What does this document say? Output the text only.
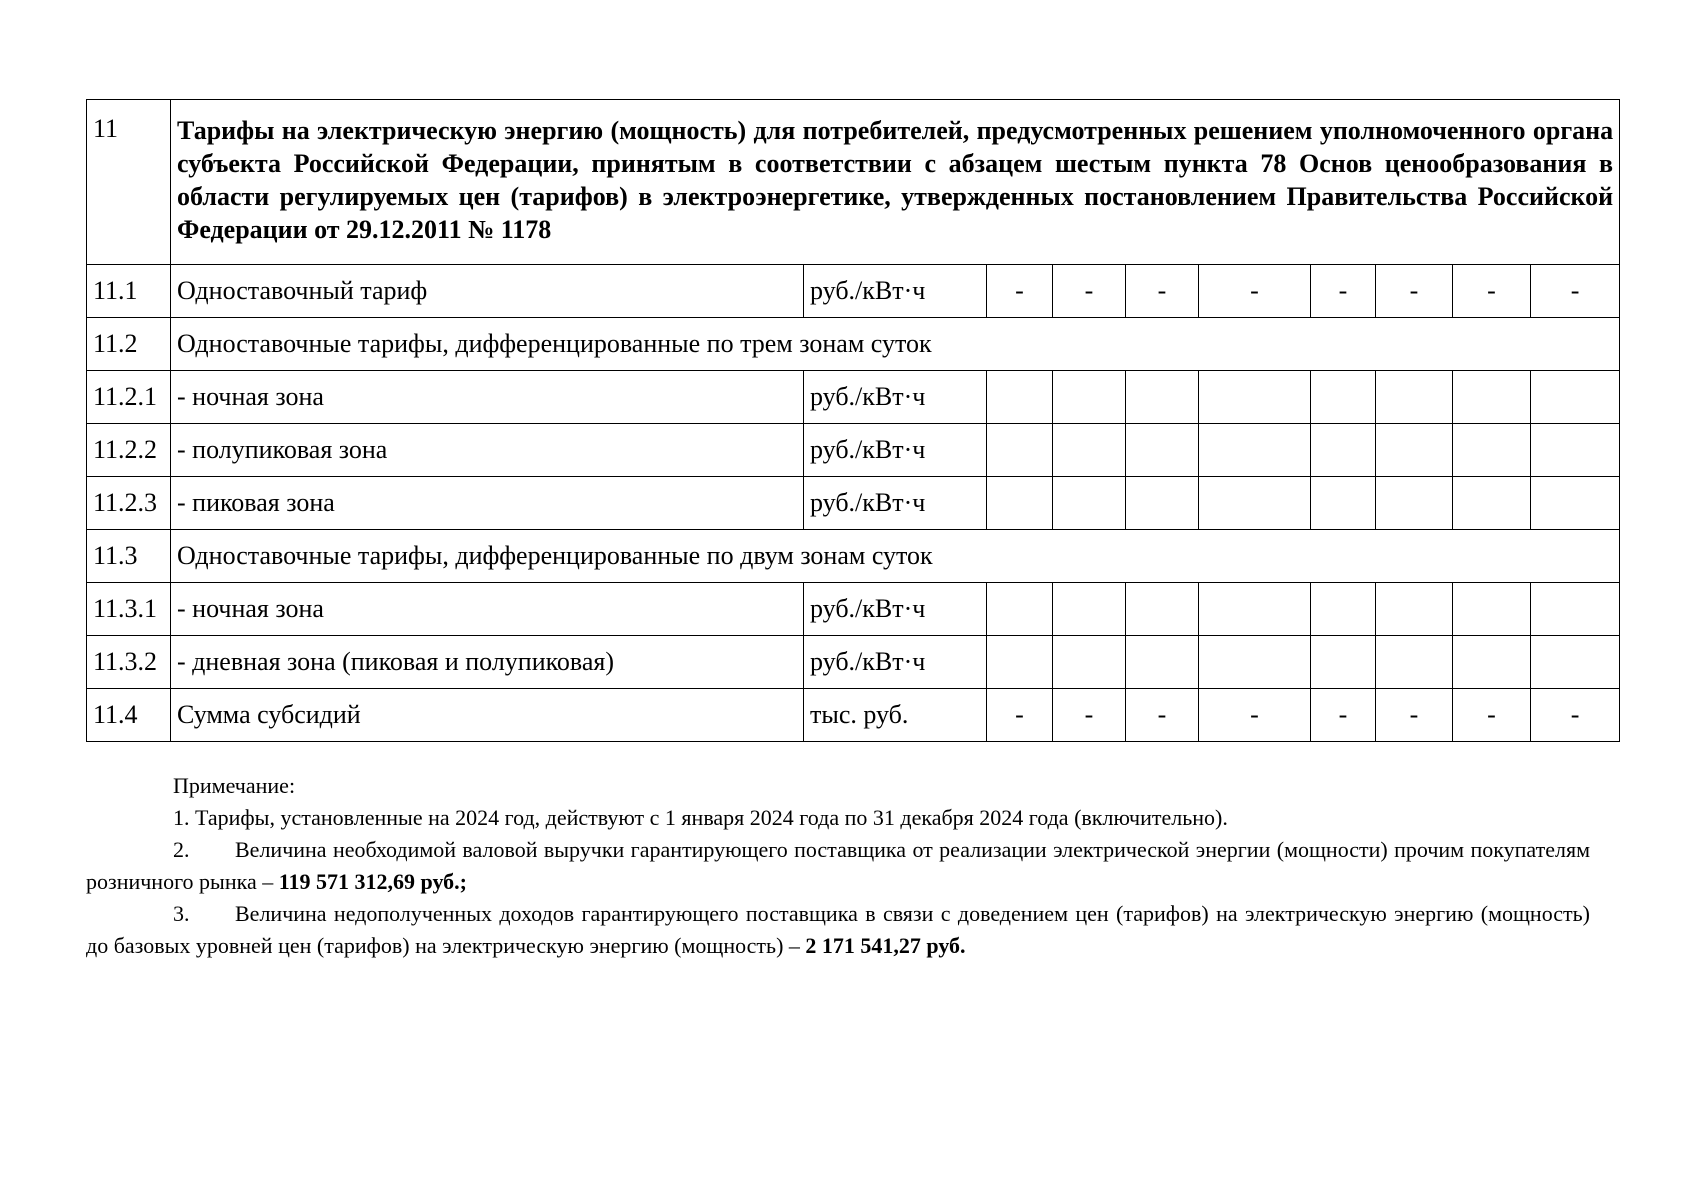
11	Тарифы на электрическую энергию (мощность) для потребителей, предусмотренных решением уполномоченного органа субъекта Российской Федерации, принятым в соответствии с абзацем шестым пункта 78 Основ ценообразования в области регулируемых цен (тарифов) в электроэнергетике, утвержденных постановлением Правительства Российской Федерации от 29.12.2011 № 1178									
11.1	Одноставочный тариф	руб./кВт·ч	-	-	-	-	-	-	-	-
11.2	Одноставочные тарифы, дифференцированные по трем зонам суток									
11.2.1	- ночная зона	руб./кВт·ч								
11.2.2	- полупиковая зона	руб./кВт·ч								
11.2.3	- пиковая зона	руб./кВт·ч								
11.3	Одноставочные тарифы, дифференцированные по двум зонам суток									
11.3.1	- ночная зона	руб./кВт·ч								
11.3.2	- дневная зона (пиковая и полупиковая)	руб./кВт·ч								
11.4	Сумма субсидий	тыс. руб.	-	-	-	-	-	-	-	-

Примечание:

1. Тарифы, установленные на 2024 год, действуют с 1 января 2024 года по 31 декабря 2024 года (включительно).

2. Величина необходимой валовой выручки гарантирующего поставщика от реализации электрической энергии (мощности) прочим покупателям розничного рынка – 119 571 312,69 руб.;

3. Величина недополученных доходов гарантирующего поставщика в связи с доведением цен (тарифов) на электрическую энергию (мощность) до базовых уровней цен (тарифов) на электрическую энергию (мощность) – 2 171 541,27 руб.
